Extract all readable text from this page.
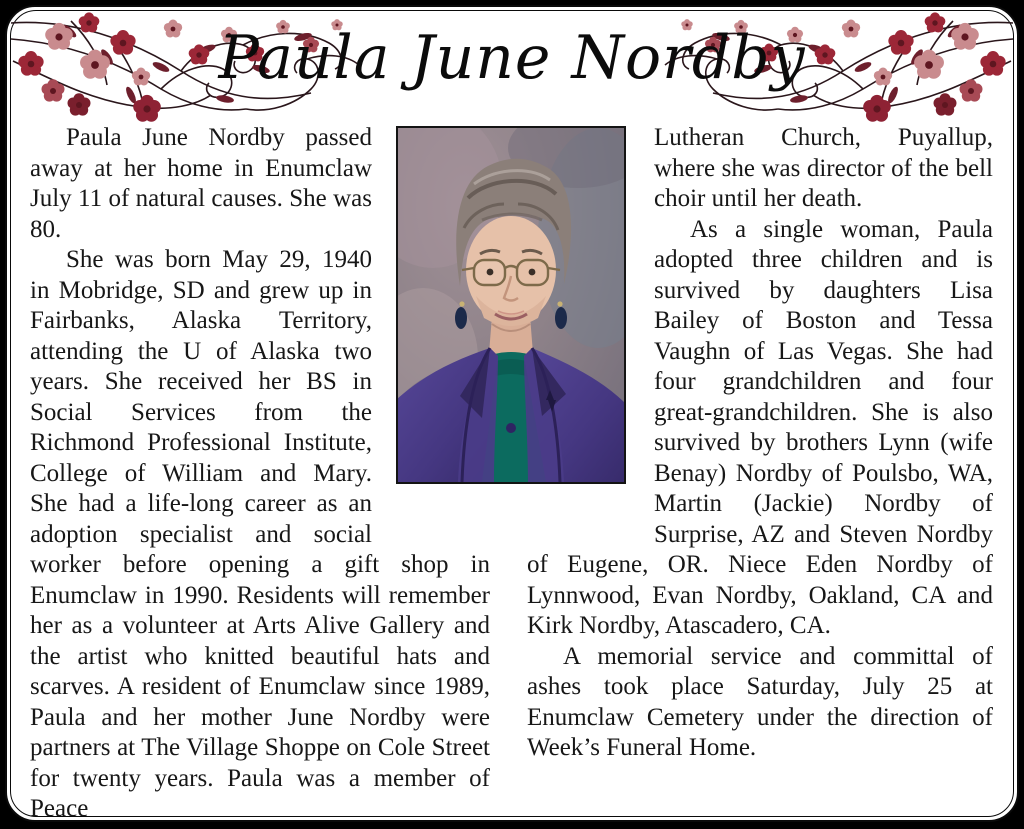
Paula June Nordby

Paula June Nordby passed away at her home in Enumclaw July 11 of natural causes. She was 80.

She was born May 29, 1940 in Mobridge, SD and grew up in Fairbanks, Alaska Territory, attending the U of Alaska two years. She received her BS in Social Services from the Richmond Professional Institute, College of William and Mary. She had a life-long career as an adoption specialist and social worker before opening a gift shop in Enumclaw in 1990. Residents will remember her as a volunteer at Arts Alive Gallery and the artist who knitted beautiful hats and scarves. A resident of Enumclaw since 1989, Paula and her mother June Nordby were partners at The Village Shoppe on Cole Street for twenty years. Paula was a member of Peace

Lutheran Church, Puyallup, where she was director of the bell choir until her death.

As a single woman, Paula adopted three children and is survived by daughters Lisa Bailey of Boston and Tessa Vaughn of Las Vegas. She had four grandchildren and four great-grandchildren. She is also survived by brothers Lynn (wife Benay) Nordby of Poulsbo, WA, Martin (Jackie) Nordby of Surprise, AZ and Steven Nordby of Eugene, OR. Niece Eden Nordby of Lynnwood, Evan Nordby, Oakland, CA and Kirk Nordby, Atascadero, CA.

A memorial service and committal of ashes took place Saturday, July 25 at Enumclaw Cemetery under the direction of Week’s Funeral Home.
